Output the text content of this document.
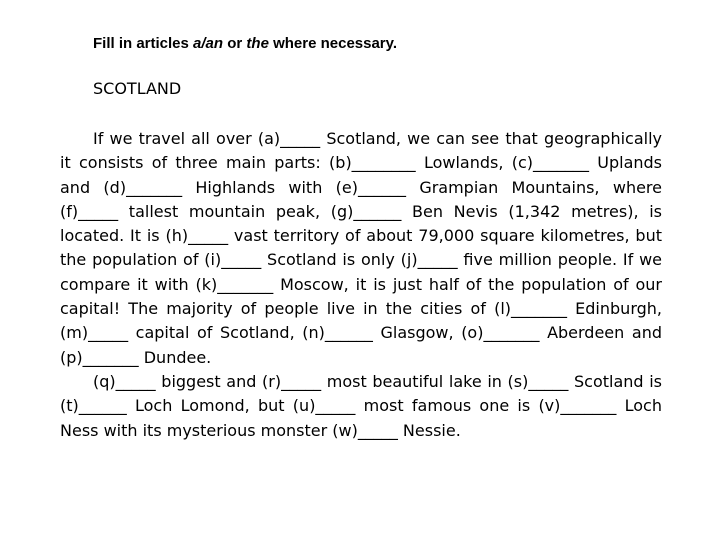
Fill in articles a/an or the where necessary.
SCOTLAND

If we travel all over (a)_____ Scotland, we can see that geographically it consists of three main parts: (b)________ Lowlands, (c)_______ Uplands and (d)_______ Highlands with (e)______ Grampian Mountains, where (f)_____ tallest mountain peak, (g)______ Ben Nevis (1,342 metres), is located. It is (h)_____ vast territory of about 79,000 square kilometres, but the population of (i)_____ Scotland is only (j)_____ five million people. If we compare it with (k)_______ Moscow, it is just half of the population of our capital! The majority of people live in the cities of (l)_______ Edinburgh, (m)_____ capital of Scotland, (n)______ Glasgow, (o)_______ Aberdeen and (p)_______ Dundee.

(q)_____ biggest and (r)_____ most beautiful lake in (s)_____ Scotland is (t)______ Loch Lomond, but (u)_____ most famous one is (v)_______ Loch Ness with its mysterious monster (w)_____ Nessie.
